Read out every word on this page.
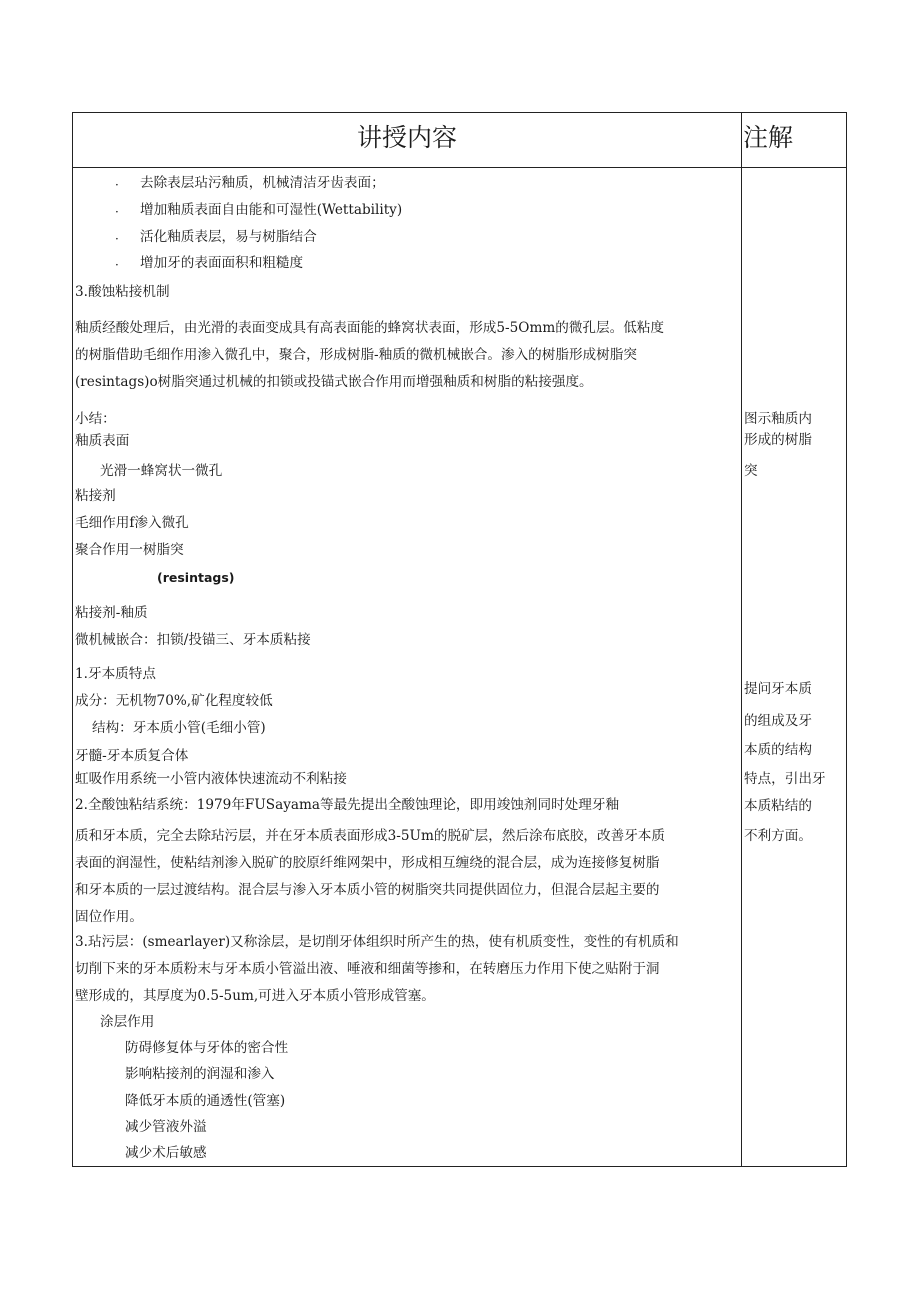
讲授内容	注解
· 去除表层玷污釉质，机械清洁牙齿表面；
· 增加釉质表面自由能和可湿性(Wettability)
· 活化釉质表层，易与树脂结合
· 增加牙的表面面积和粗糙度
3.酸蚀粘接机制
釉质经酸处理后，由光滑的表面变成具有高表面能的蜂窝状表面，形成5-5Omm的微孔层。低粘度
的树脂借助毛细作用渗入微孔中，聚合，形成树脂-釉质的微机械嵌合。渗入的树脂形成树脂突
(resintags)o树脂突通过机械的扣锁或投锚式嵌合作用而增强釉质和树脂的粘接强度。
小结：
釉质表面
光滑一蜂窝状一微孔
粘接剂
毛细作用f渗入微孔
聚合作用一树脂突
(resintags)
粘接剂-釉质
微机械嵌合：扣锁/投锚三、牙本质粘接
1.牙本质特点
成分：无机物70%,矿化程度较低
结构：牙本质小管(毛细小管)
牙髓-牙本质复合体
虹吸作用系统一小管内液体快速流动不利粘接
2.全酸蚀粘结系统：1979年FUSayama等最先提出全酸蚀理论，即用竣蚀剂同时处理牙釉
质和牙本质，完全去除玷污层，并在牙本质表面形成3-5Um的脱矿层，然后涂布底胶，改善牙本质
表面的润湿性，使粘结剂渗入脱矿的胶原纤维网架中，形成相互缠绕的混合层，成为连接修复树脂
和牙本质的一层过渡结构。混合层与渗入牙本质小管的树脂突共同提供固位力，但混合层起主要的
固位作用。
3.玷污层：(smearlayer)又称涂层，是切削牙体组织时所产生的热，使有机质变性，变性的有机质和
切削下来的牙本质粉末与牙本质小管溢出液、唾液和细菌等掺和，在转磨压力作用下使之贴附于洞
壁形成的，其厚度为0.5-5um,可进入牙本质小管形成管塞。
涂层作用
防碍修复体与牙体的密合性
影响粘接剂的润湿和渗入
降低牙本质的通透性(管塞)
减少管液外溢
减少术后敏感
图示釉质内
形成的树脂
突
提问牙本质
的组成及牙
本质的结构
特点，引出牙
本质粘结的
不利方面。
